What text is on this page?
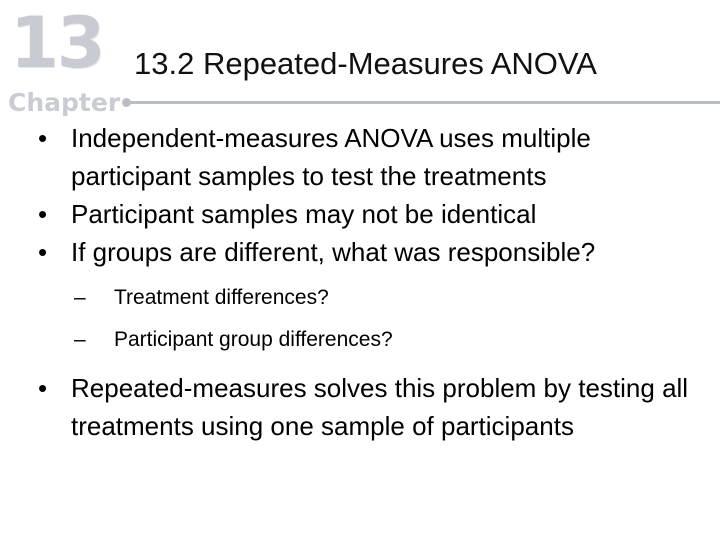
13
Chapter
13.2 Repeated-Measures ANOVA

• Independent-measures ANOVA uses multiple participant samples to test the treatments

• Participant samples may not be identical

• If groups are different, what was responsible?

– Treatment differences?
– Participant group differences?

• Repeated-measures solves this problem by testing all treatments using one sample of participants
